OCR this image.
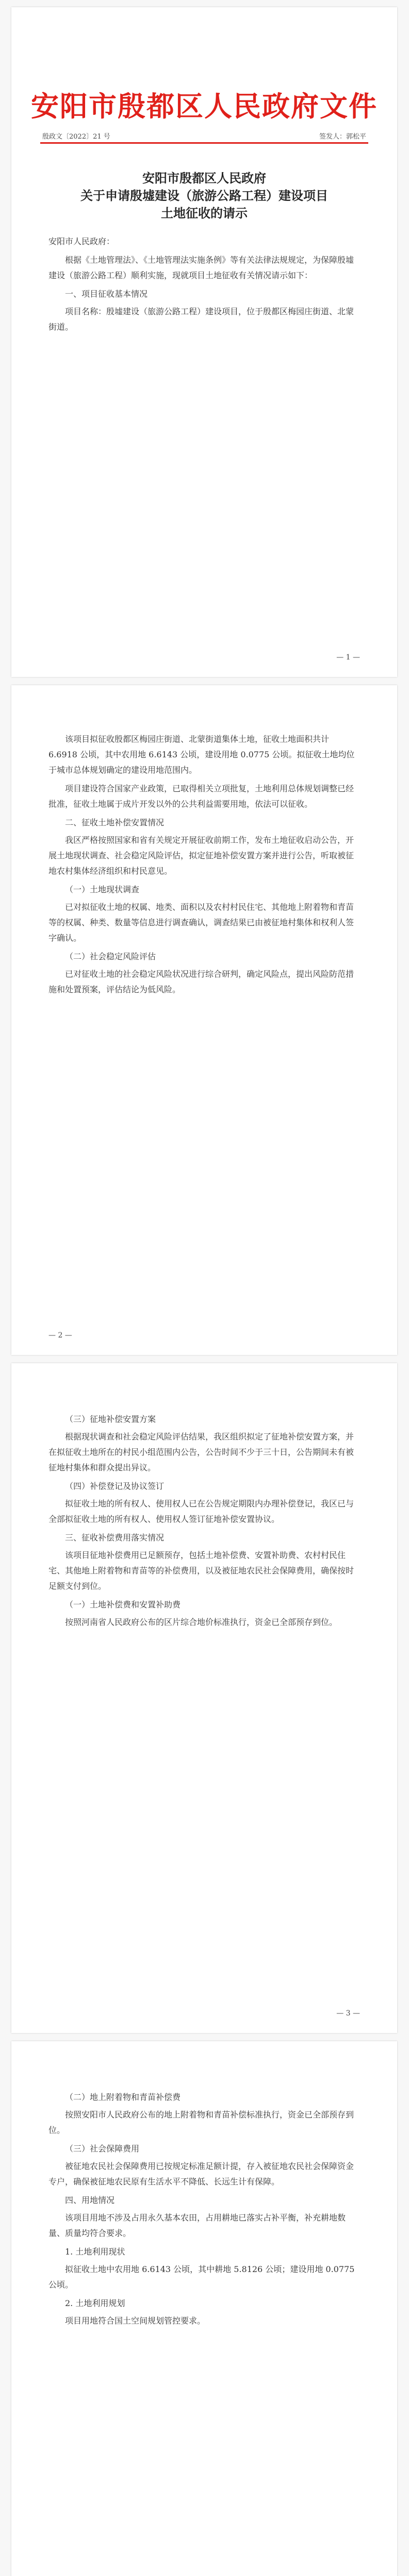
安阳市殷都区人民政府文件
殷政文〔2022〕21 号	签发人：郭松平
安阳市殷都区人民政府
关于申请殷墟建设（旅游公路工程）建设项目
土地征收的请示

安阳市人民政府：

根据《土地管理法》、《土地管理法实施条例》等有关法律法规规定，为保障殷墟建设（旅游公路工程）顺利实施，现就项目土地征收有关情况请示如下：

一、项目征收基本情况

项目名称：殷墟建设（旅游公路工程）建设项目，位于殷都区梅园庄街道、北蒙街道。

— 1 —

该项目拟征收殷都区梅园庄街道、北蒙街道集体土地，征收土地面积共计 6.6918 公顷，其中农用地 6.6143 公顷，建设用地 0.0775 公顷。拟征收土地均位于城市总体规划确定的建设用地范围内。

项目建设符合国家产业政策，已取得相关立项批复，土地利用总体规划调整已经批准，征收土地属于成片开发以外的公共利益需要用地，依法可以征收。

二、征收土地补偿安置情况

我区严格按照国家和省有关规定开展征收前期工作，发布土地征收启动公告，开展土地现状调查、社会稳定风险评估，拟定征地补偿安置方案并进行公告，听取被征地农村集体经济组织和村民意见。

（一）土地现状调查

已对拟征收土地的权属、地类、面积以及农村村民住宅、其他地上附着物和青苗等的权属、种类、数量等信息进行调查确认，调查结果已由被征地村集体和权利人签字确认。

（二）社会稳定风险评估

已对征收土地的社会稳定风险状况进行综合研判，确定风险点，提出风险防范措施和处置预案，评估结论为低风险。

— 2 —
（三）征地补偿安置方案

根据现状调查和社会稳定风险评估结果，我区组织拟定了征地补偿安置方案，并在拟征收土地所在的村民小组范围内公告，公告时间不少于三十日，公告期间未有被征地村集体和群众提出异议。

（四）补偿登记及协议签订

拟征收土地的所有权人、使用权人已在公告规定期限内办理补偿登记，我区已与全部拟征收土地的所有权人、使用权人签订征地补偿安置协议。

三、征收补偿费用落实情况

该项目征地补偿费用已足额预存，包括土地补偿费、安置补助费、农村村民住宅、其他地上附着物和青苗等的补偿费用，以及被征地农民社会保障费用，确保按时足额支付到位。

（一）土地补偿费和安置补助费

按照河南省人民政府公布的区片综合地价标准执行，资金已全部预存到位。

— 3 —
（二）地上附着物和青苗补偿费

按照安阳市人民政府公布的地上附着物和青苗补偿标准执行，资金已全部预存到位。

（三）社会保障费用

被征地农民社会保障费用已按规定标准足额计提，存入被征地农民社会保障资金专户，确保被征地农民原有生活水平不降低、长远生计有保障。

四、用地情况

该项目用地不涉及占用永久基本农田，占用耕地已落实占补平衡，补充耕地数量、质量均符合要求。

1. 土地利用现状

拟征收土地中农用地 6.6143 公顷，其中耕地 5.8126 公顷；建设用地 0.0775 公顷。

2. 土地利用规划

项目用地符合国土空间规划管控要求。
